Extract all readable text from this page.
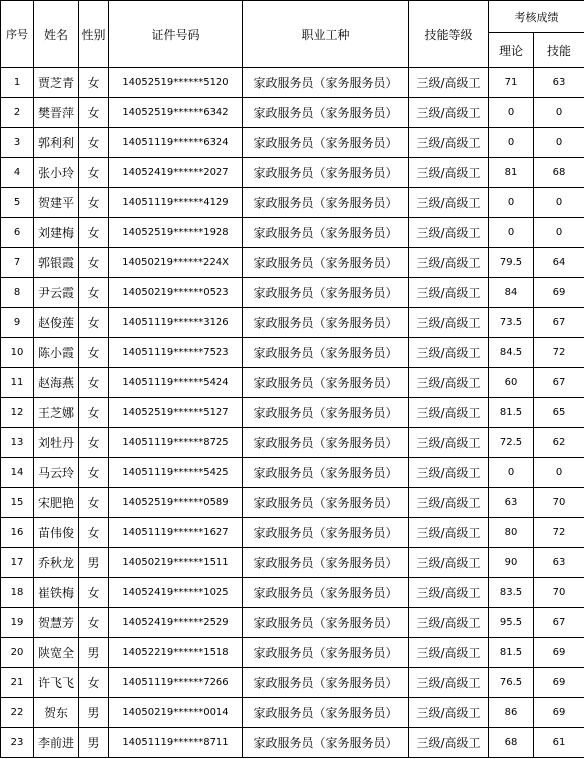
序号	姓名	性别	证件号码	职业工种	技能等级	考核成绩	
						理论	技能
1	贾芝青	女	14052519******5120	家政服务员（家务服务员）	三级/高级工	71	63
2	樊晋萍	女	14052519******6342	家政服务员（家务服务员）	三级/高级工	0	0
3	郭利利	女	14051119******6324	家政服务员（家务服务员）	三级/高级工	0	0
4	张小玲	女	14052419******2027	家政服务员（家务服务员）	三级/高级工	81	68
5	贺建平	女	14051119******4129	家政服务员（家务服务员）	三级/高级工	0	0
6	刘建梅	女	14052519******1928	家政服务员（家务服务员）	三级/高级工	0	0
7	郭银霞	女	14050219******224X	家政服务员（家务服务员）	三级/高级工	79.5	64
8	尹云霞	女	14050219******0523	家政服务员（家务服务员）	三级/高级工	84	69
9	赵俊莲	女	14051119******3126	家政服务员（家务服务员）	三级/高级工	73.5	67
10	陈小霞	女	14051119******7523	家政服务员（家务服务员）	三级/高级工	84.5	72
11	赵海燕	女	14051119******5424	家政服务员（家务服务员）	三级/高级工	60	67
12	王芝娜	女	14052519******5127	家政服务员（家务服务员）	三级/高级工	81.5	65
13	刘牡丹	女	14051119******8725	家政服务员（家务服务员）	三级/高级工	72.5	62
14	马云玲	女	14051119******5425	家政服务员（家务服务员）	三级/高级工	0	0
15	宋肥艳	女	14052519******0589	家政服务员（家务服务员）	三级/高级工	63	70
16	苗伟俊	女	14051119******1627	家政服务员（家务服务员）	三级/高级工	80	72
17	乔秋龙	男	14050219******1511	家政服务员（家务服务员）	三级/高级工	90	63
18	崔铁梅	女	14052419******1025	家政服务员（家务服务员）	三级/高级工	83.5	70
19	贺慧芳	女	14052419******2529	家政服务员（家务服务员）	三级/高级工	95.5	67
20	陕宽全	男	14052219******1518	家政服务员（家务服务员）	三级/高级工	81.5	69
21	许飞飞	女	14051119******7266	家政服务员（家务服务员）	三级/高级工	76.5	69
22	贺东	男	14050219******0014	家政服务员（家务服务员）	三级/高级工	86	69
23	李前进	男	14051119******8711	家政服务员（家务服务员）	三级/高级工	68	61
